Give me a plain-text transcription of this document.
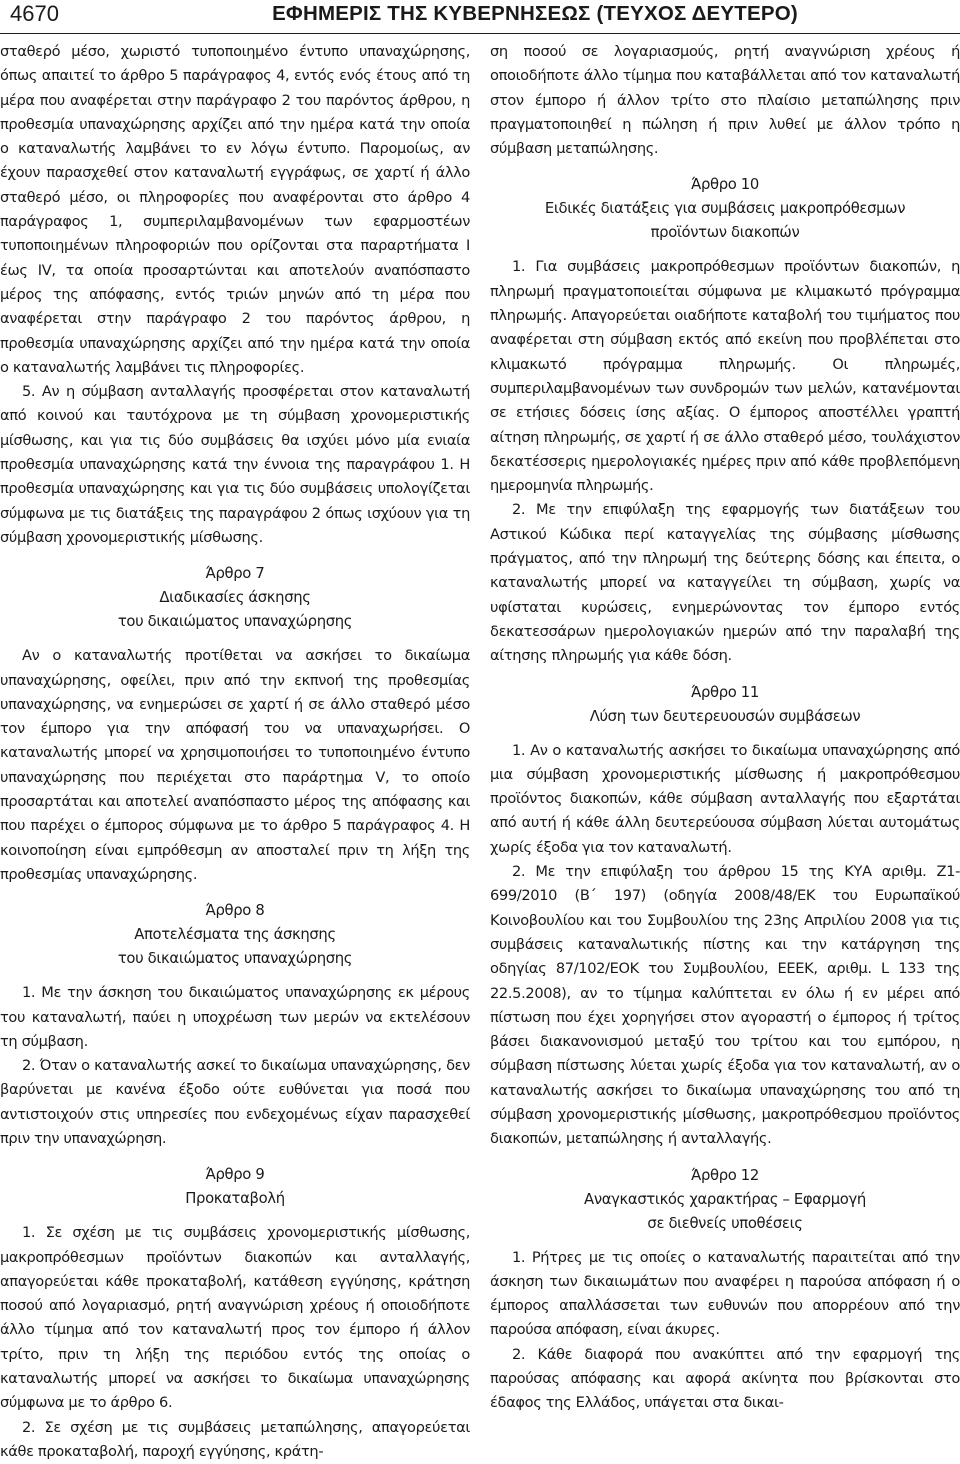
4670	ΕΦΗΜΕΡΙΣ ΤΗΣ ΚΥΒΕΡΝΗΣΕΩΣ (ΤΕΥΧΟΣ ΔΕΥΤΕΡΟ)

σταθερό μέσο, χωριστό τυποποιημένο έντυπο υπαναχώρησης, όπως απαιτεί το άρθρο 5 παράγραφος 4, εντός ενός έτους από τη μέρα που αναφέρεται στην παράγραφο 2 του παρόντος άρθρου, η προθεσμία υπαναχώρησης αρχίζει από την ημέρα κατά την οποία ο καταναλωτής λαμβάνει το εν λόγω έντυπο. Παρομοίως, αν έχουν παρασχεθεί στον καταναλωτή εγγράφως, σε χαρτί ή άλλο σταθερό μέσο, οι πληροφορίες που αναφέρονται στο άρθρο 4 παράγραφος 1, συμπεριλαμβανομένων των εφαρμοστέων τυποποιημένων πληροφοριών που ορίζονται στα παραρτήματα Ι έως IV, τα οποία προσαρτώνται και αποτελούν αναπόσπαστο μέρος της απόφασης, εντός τριών μηνών από τη μέρα που αναφέρεται στην παράγραφο 2 του παρόντος άρθρου, η προθεσμία υπαναχώρησης αρχίζει από την ημέρα κατά την οποία ο καταναλωτής λαμβάνει τις πληροφορίες.

5. Αν η σύμβαση ανταλλαγής προσφέρεται στον καταναλωτή από κοινού και ταυτόχρονα με τη σύμβαση χρονομεριστικής μίσθωσης, και για τις δύο συμβάσεις θα ισχύει μόνο μία ενιαία προθεσμία υπαναχώρησης κατά την έννοια της παραγράφου 1. Η προθεσμία υπαναχώρησης και για τις δύο συμβάσεις υπολογίζεται σύμφωνα με τις διατάξεις της παραγράφου 2 όπως ισχύουν για τη σύμβαση χρονομεριστικής μίσθωσης.

Άρθρο 7
Διαδικασίες άσκησης
του δικαιώματος υπαναχώρησης

Αν ο καταναλωτής προτίθεται να ασκήσει το δικαίωμα υπαναχώρησης, οφείλει, πριν από την εκπνοή της προθεσμίας υπαναχώρησης, να ενημερώσει σε χαρτί ή σε άλλο σταθερό μέσο τον έμπορο για την απόφασή του να υπαναχωρήσει. Ο καταναλωτής μπορεί να χρησιμοποιήσει το τυποποιημένο έντυπο υπαναχώρησης που περιέχεται στο παράρτημα V, το οποίο προσαρτάται και αποτελεί αναπόσπαστο μέρος της απόφασης και που παρέχει ο έμπορος σύμφωνα με το άρθρο 5 παράγραφος 4. Η κοινοποίηση είναι εμπρόθεσμη αν αποσταλεί πριν τη λήξη της προθεσμίας υπαναχώρησης.

Άρθρο 8
Αποτελέσματα της άσκησης
του δικαιώματος υπαναχώρησης

1. Με την άσκηση του δικαιώματος υπαναχώρησης εκ μέρους του καταναλωτή, παύει η υποχρέωση των μερών να εκτελέσουν τη σύμβαση.

2. Όταν ο καταναλωτής ασκεί το δικαίωμα υπαναχώρησης, δεν βαρύνεται με κανένα έξοδο ούτε ευθύνεται για ποσά που αντιστοιχούν στις υπηρεσίες που ενδεχομένως είχαν παρασχεθεί πριν την υπαναχώρηση.

Άρθρο 9
Προκαταβολή

1. Σε σχέση με τις συμβάσεις χρονομεριστικής μίσθωσης, μακροπρόθεσμων προϊόντων διακοπών και ανταλλαγής, απαγορεύεται κάθε προκαταβολή, κατάθεση εγγύησης, κράτηση ποσού από λογαριασμό, ρητή αναγνώριση χρέους ή οποιοδήποτε άλλο τίμημα από τον καταναλωτή προς τον έμπορο ή άλλον τρίτο, πριν τη λήξη της περιόδου εντός της οποίας ο καταναλωτής μπορεί να ασκήσει το δικαίωμα υπαναχώρησης σύμφωνα με το άρθρο 6.

2. Σε σχέση με τις συμβάσεις μεταπώλησης, απαγορεύεται κάθε προκαταβολή, παροχή εγγύησης, κράτη-

ση ποσού σε λογαριασμούς, ρητή αναγνώριση χρέους ή οποιοδήποτε άλλο τίμημα που καταβάλλεται από τον καταναλωτή στον έμπορο ή άλλον τρίτο στο πλαίσιο μεταπώλησης πριν πραγματοποιηθεί η πώληση ή πριν λυθεί με άλλον τρόπο η σύμβαση μεταπώλησης.

Άρθρο 10
Ειδικές διατάξεις για συμβάσεις μακροπρόθεσμων
προϊόντων διακοπών

1. Για συμβάσεις μακροπρόθεσμων προϊόντων διακοπών, η πληρωμή πραγματοποιείται σύμφωνα με κλιμακωτό πρόγραμμα πληρωμής. Απαγορεύεται οιαδήποτε καταβολή του τιμήματος που αναφέρεται στη σύμβαση εκτός από εκείνη που προβλέπεται στο κλιμακωτό πρόγραμμα πληρωμής. Οι πληρωμές, συμπεριλαμβανομένων των συνδρομών των μελών, κατανέμονται σε ετήσιες δόσεις ίσης αξίας. Ο έμπορος αποστέλλει γραπτή αίτηση πληρωμής, σε χαρτί ή σε άλλο σταθερό μέσο, τουλάχιστον δεκατέσσερις ημερολογιακές ημέρες πριν από κάθε προβλεπόμενη ημερομηνία πληρωμής.

2. Με την επιφύλαξη της εφαρμογής των διατάξεων του Αστικού Κώδικα περί καταγγελίας της σύμβασης μίσθωσης πράγματος, από την πληρωμή της δεύτερης δόσης και έπειτα, ο καταναλωτής μπορεί να καταγγείλει τη σύμβαση, χωρίς να υφίσταται κυρώσεις, ενημερώνοντας τον έμπορο εντός δεκατεσσάρων ημερολογιακών ημερών από την παραλαβή της αίτησης πληρωμής για κάθε δόση.

Άρθρο 11
Λύση των δευτερευουσών συμβάσεων

1. Αν ο καταναλωτής ασκήσει το δικαίωμα υπαναχώρησης από μια σύμβαση χρονομεριστικής μίσθωσης ή μακροπρόθεσμου προϊόντος διακοπών, κάθε σύμβαση ανταλλαγής που εξαρτάται από αυτή ή κάθε άλλη δευτερεύουσα σύμβαση λύεται αυτομάτως χωρίς έξοδα για τον καταναλωτή.

2. Με την επιφύλαξη του άρθρου 15 της ΚΥΑ αριθμ. Ζ1-699/2010 (Β΄ 197) (οδηγία 2008/48/ΕΚ του Ευρωπαϊκού Κοινοβουλίου και του Συμβουλίου της 23ης Απριλίου 2008 για τις συμβάσεις καταναλωτικής πίστης και την κατάργηση της οδηγίας 87/102/ΕΟΚ του Συμβουλίου, ΕΕΕΚ, αριθμ. L 133 της 22.5.2008), αν το τίμημα καλύπτεται εν όλω ή εν μέρει από πίστωση που έχει χορηγήσει στον αγοραστή ο έμπορος ή τρίτος βάσει διακανονισμού μεταξύ του τρίτου και του εμπόρου, η σύμβαση πίστωσης λύεται χωρίς έξοδα για τον καταναλωτή, αν ο καταναλωτής ασκήσει το δικαίωμα υπαναχώρησης του από τη σύμβαση χρονομεριστικής μίσθωσης, μακροπρόθεσμου προϊόντος διακοπών, μεταπώλησης ή ανταλλαγής.

Άρθρο 12
Αναγκαστικός χαρακτήρας – Εφαρμογή
σε διεθνείς υποθέσεις

1. Ρήτρες με τις οποίες ο καταναλωτής παραιτείται από την άσκηση των δικαιωμάτων που αναφέρει η παρούσα απόφαση ή ο έμπορος απαλλάσσεται των ευθυνών που απορρέουν από την παρούσα απόφαση, είναι άκυρες.

2. Κάθε διαφορά που ανακύπτει από την εφαρμογή της παρούσας απόφασης και αφορά ακίνητα που βρίσκονται στο έδαφος της Ελλάδος, υπάγεται στα δικαι-
